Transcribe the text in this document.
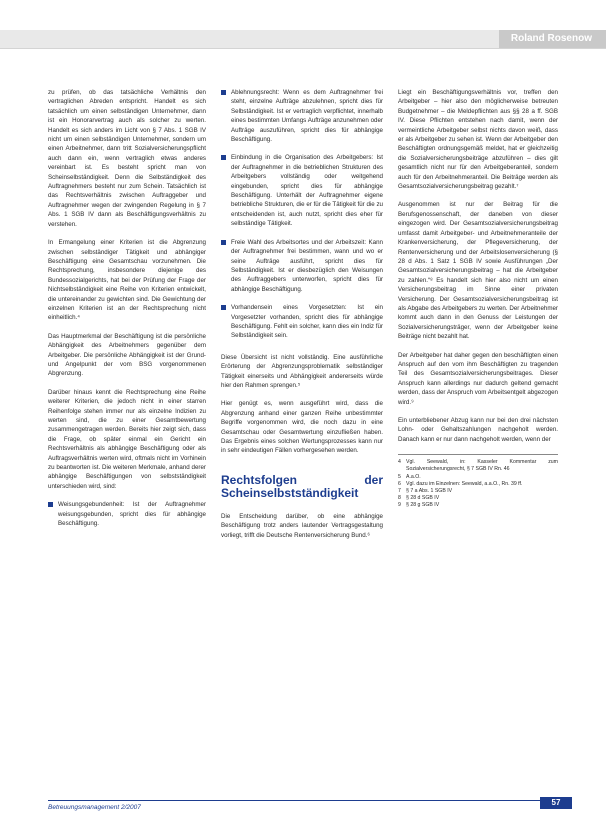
Roland Rosenow

zu prüfen, ob das tatsächliche Verhältnis den vertraglichen Abreden entspricht. Handelt es sich tatsächlich um einen selbständigen Unternehmer, dann ist ein Honorarvertrag auch als solcher zu werten. Handelt es sich anders im Licht von § 7 Abs. 1 SGB IV nicht um einen selbständigen Unternehmer, sondern um einen Arbeitnehmer, dann tritt Sozialversicherungspflicht auch dann ein, wenn vertraglich etwas anderes vereinbart ist. Es besteht spricht man von Scheinselbständigkeit. Denn die Selbständigkeit des Auftragnehmers besteht nur zum Schein. Tatsächlich ist das Rechtsverhältnis zwischen Auftraggeber und Auftragnehmer wegen der zwingenden Regelung in § 7 Abs. 1 SGB IV dann als Beschäftigungsverhältnis zu verstehen.

In Ermangelung einer Kriterien ist die Abgrenzung zwischen selbständiger Tätigkeit und abhängiger Beschäftigung eine Gesamtschau vorzunehmen. Die Rechtsprechung, insbesondere diejenige des Bundessozialgerichts, hat bei der Prüfung der Frage der Nichtselbständigkeit eine Reihe von Kriterien entwickelt, die untereinander zu gewichten sind. Die Gewichtung der einzelnen Kriterien ist an der Rechtsprechung nicht einheitlich.⁴

Das Hauptmerkmal der Beschäftigung ist die persönliche Abhängigkeit des Arbeitnehmers gegenüber dem Arbeitgeber. Die persönliche Abhängigkeit ist der Grund- und Angelpunkt der vom BSG vorgenommenen Abgrenzung.

Darüber hinaus kennt die Rechtsprechung eine Reihe weiterer Kriterien, die jedoch nicht in einer starren Reihenfolge stehen immer nur als einzelne Indizien zu werten sind, die zu einer Gesamtbewertung zusammengetragen werden. Bereits hier zeigt sich, dass die Frage, ob später einmal ein Gericht ein Rechtsverhältnis als abhängige Beschäftigung oder als Auftragsverhältnis werten wird, oftmals nicht im Vorhinein zu beantworten ist. Die weiteren Merkmale, anhand derer abhängige Beschäftigungen von selbstständigkeit unterschieden wird, sind:

Weisungsgebundenheit: Ist der Auftragnehmer weisungsgebunden, spricht dies für abhängige Beschäftigung.

Ablehnungsrecht: Wenn es dem Auftragnehmer frei steht, einzelne Aufträge abzulehnen, spricht dies für Selbständigkeit. Ist er vertraglich verpflichtet, innerhalb eines bestimmten Umfangs Aufträge anzunehmen oder Aufträge auszuführen, spricht dies für abhängige Beschäftigung.

Einbindung in die Organisation des Arbeitgebers: Ist der Auftragnehmer in die betrieblichen Strukturen des Arbeitgebers vollständig oder weitgehend eingebunden, spricht dies für abhängige Beschäftigung. Unterhält der Auftragnehmer eigene betriebliche Strukturen, die er für die Tätigkeit für die zu entscheidenden ist, auch nutzt, spricht dies eher für selbständige Tätigkeit.

Freie Wahl des Arbeitsortes und der Arbeitszeit: Kann der Auftragnehmer frei bestimmen, wann und wo er seine Aufträge ausführt, spricht dies für Selbständigkeit. Ist er diesbezüglich den Weisungen des Auftraggebers unterworfen, spricht dies für abhängige Beschäftigung.

Vorhandensein eines Vorgesetzten: Ist ein Vorgesetzter vorhanden, spricht dies für abhängige Beschäftigung. Fehlt ein solcher, kann dies ein Indiz für Selbständigkeit sein.

Diese Übersicht ist nicht vollständig. Eine ausführliche Erörterung der Abgrenzungsproblematik selbständiger Tätigkeit einerseits und Abhängigkeit andererseits würde hier den Rahmen sprengen.⁵

Hier genügt es, wenn ausgeführt wird, dass die Abgrenzung anhand einer ganzen Reihe unbestimmter Begriffe vorgenommen wird, die noch dazu in eine Gesamtschau oder Gesamtwertung einzufließen haben. Das Ergebnis eines solchen Wertungsprozesses kann nur in sehr eindeutigen Fällen vorhergesehen werden.

Rechtsfolgen der Scheinselbstständigkeit

Die Entscheidung darüber, ob eine abhängige Beschäftigung trotz anders lautender Vertragsgestaltung vorliegt, trifft die Deutsche Rentenversicherung Bund.⁶

Liegt ein Beschäftigungsverhältnis vor, treffen den Arbeitgeber – hier also den möglicherweise betreuten Budgetnehmer – die Meldepflichten aus §§ 28 a ff. SGB IV. Diese Pflichten entstehen nach damit, wenn der vermeintliche Arbeitgeber selbst nichts davon weiß, dass er als Arbeitgeber zu sehen ist. Wenn der Arbeitgeber den Beschäftigten ordnungsgemäß meldet, hat er gleichzeitig die Sozialversicherungsbeiträge abzuführen – dies gilt gesamtlich nicht nur für den Arbeitgeberanteil, sondern auch für den Arbeitnehmeranteil. Die Beiträge werden als Gesamtsozialversicherungsbeitrag gezahlt.⁷

Ausgenommen ist nur der Beitrag für die Berufsgenossenschaft, der daneben von dieser eingezogen wird. Der Gesamtsozialversicherungsbeitrag umfasst damit Arbeitgeber- und Arbeitnehmeranteile der Krankenversicherung, der Pflegeversicherung, der Rentenversicherung und der Arbeitslosenversicherung (§ 28 d Abs. 1 Satz 1 SGB IV sowie Ausführungen „Der Gesamtsozialversicherungsbeitrag – hat die Arbeitgeber zu zahlen.“⁸ Es handelt sich hier also nicht um einen Versicherungsbeitrag im Sinne einer privaten Versicherung. Der Gesamtsozialversicherungsbeitrag ist als Abgabe des Arbeitgebers zu werten. Der Arbeitnehmer kommt auch dann in den Genuss der Leistungen der Sozialversicherungsträger, wenn der Arbeitgeber keine Beiträge nicht bezahlt hat.

Der Arbeitgeber hat daher gegen den beschäftigten einen Anspruch auf den vom ihm Beschäftigten zu tragenden Teil des Gesamtsozialversicherungsbeitrages. Dieser Anspruch kann allerdings nur dadurch geltend gemacht werden, dass der Anspruch vom Arbeitsentgelt abgezogen wird.⁹

Ein unterbliebener Abzug kann nur bei den drei nächsten Lohn- oder Gehaltszahlungen nachgeholt werden. Danach kann er nur dann nachgeholt werden, wenn der

4 Vgl. Seewald, in: Kasseler Kommentar zum Sozialversicherungsrecht, § 7 SGB IV Rn. 46
5 A.a.O.
6 Vgl. dazu im Einzelnen: Seewald, a.a.O., Rn. 39 ff.
7 § 7 a Abs. 1 SGB IV
8 § 28 d SGB IV
9 § 28 g SGB IV
Betreuungsmanagement 2/2007
57
